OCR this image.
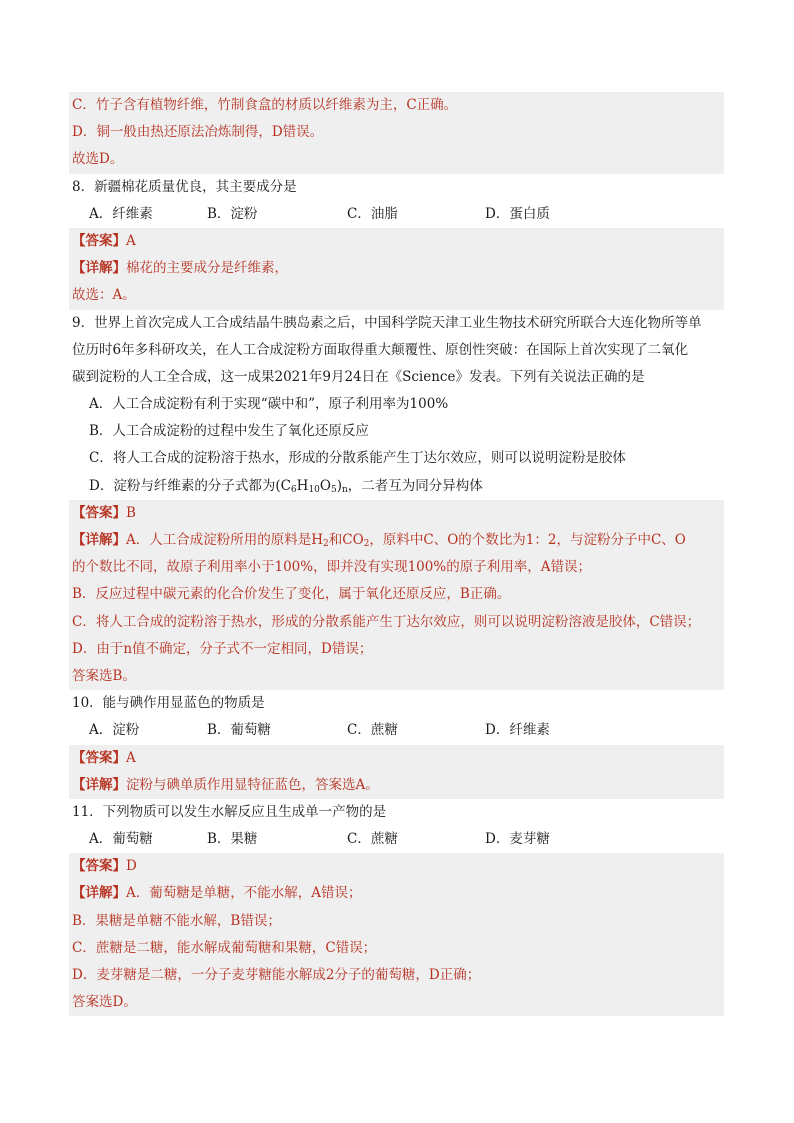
C．竹子含有植物纤维，竹制食盒的材质以纤维素为主，C正确。
D．铜一般由热还原法冶炼制得，D错误。
故选D。
8．新疆棉花质量优良，其主要成分是
A．纤维素	B．淀粉	C．油脂	D．蛋白质
【答案】A
【详解】棉花的主要成分是纤维素，
故选：A。
9．世界上首次完成人工合成结晶牛胰岛素之后，中国科学院天津工业生物技术研究所联合大连化物所等单
位历时6年多科研攻关，在人工合成淀粉方面取得重大颠覆性、原创性突破：在国际上首次实现了二氧化
碳到淀粉的人工全合成，这一成果2021年9月24日在《Science》发表。下列有关说法正确的是
A．人工合成淀粉有利于实现“碳中和”，原子利用率为100%
B．人工合成淀粉的过程中发生了氧化还原反应
C．将人工合成的淀粉溶于热水，形成的分散系能产生丁达尔效应，则可以说明淀粉是胶体
D．淀粉与纤维素的分子式都为$(C_6H_{10}O_5)_n$，二者互为同分异构体
【答案】B
【详解】A．人工合成淀粉所用的原料是$H_2$和$CO_2$，原料中C、O的个数比为1：2，与淀粉分子中C、O
的个数比不同，故原子利用率小于100%，即并没有实现100%的原子利用率，A错误；
B．反应过程中碳元素的化合价发生了变化，属于氧化还原反应，B正确。
C．将人工合成的淀粉溶于热水，形成的分散系能产生丁达尔效应，则可以说明淀粉溶液是胶体，C错误；
D．由于n值不确定，分子式不一定相同，D错误；
答案选B。
10．能与碘作用显蓝色的物质是
A．淀粉	B．葡萄糖	C．蔗糖	D．纤维素
【答案】A
【详解】淀粉与碘单质作用显特征蓝色，答案选A。
11．下列物质可以发生水解反应且生成单一产物的是
A．葡萄糖	B．果糖	C．蔗糖	D．麦芽糖
【答案】D
【详解】A．葡萄糖是单糖，不能水解，A错误；
B．果糖是单糖不能水解，B错误；
C．蔗糖是二糖，能水解成葡萄糖和果糖，C错误；
D．麦芽糖是二糖，一分子麦芽糖能水解成2分子的葡萄糖，D正确；
答案选D。
